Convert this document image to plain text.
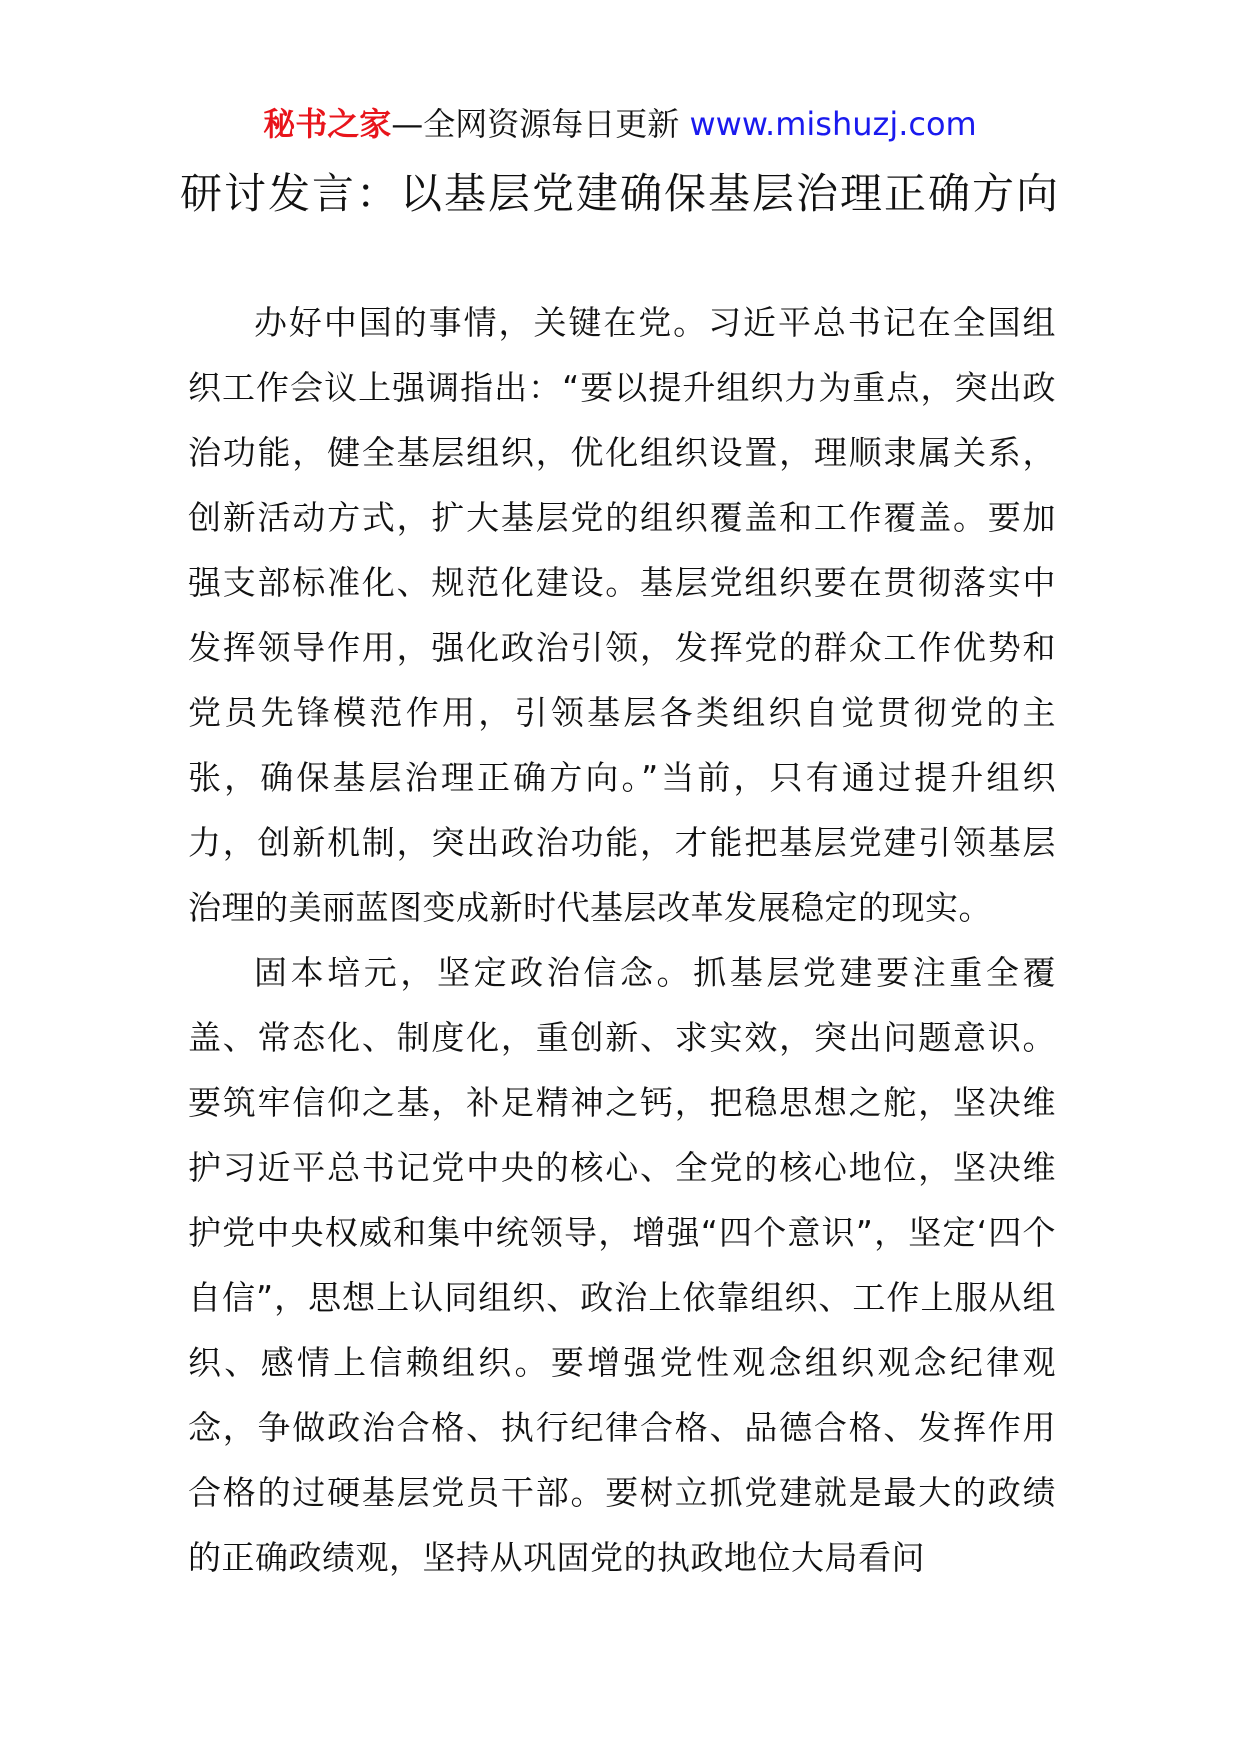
秘书之家—全网资源每日更新 www.mishuzj.com
研讨发言：以基层党建确保基层治理正确方向

办好中国的事情，关键在党。习近平总书记在全国组织工作会议上强调指出：“要以提升组织力为重点，突出政治功能，健全基层组织，优化组织设置，理顺隶属关系，创新活动方式，扩大基层党的组织覆盖和工作覆盖。要加强支部标准化、规范化建设。基层党组织要在贯彻落实中发挥领导作用，强化政治引领，发挥党的群众工作优势和党员先锋模范作用，引领基层各类组织自觉贯彻党的主张，确保基层治理正确方向。”当前，只有通过提升组织力，创新机制，突出政治功能，才能把基层党建引领基层治理的美丽蓝图变成新时代基层改革发展稳定的现实。

固本培元，坚定政治信念。抓基层党建要注重全覆盖、常态化、制度化，重创新、求实效，突出问题意识。要筑牢信仰之基，补足精神之钙，把稳思想之舵，坚决维护习近平总书记党中央的核心、全党的核心地位，坚决维护党中央权威和集中统领导，增强“四个意识”，坚定‘四个自信”，思想上认同组织、政治上依靠组织、工作上服从组织、感情上信赖组织。要增强党性观念组织观念纪律观念，争做政治合格、执行纪律合格、品德合格、发挥作用合格的过硬基层党员干部。要树立抓党建就是最大的政绩的正确政绩观，坚持从巩固党的执政地位大局看问
